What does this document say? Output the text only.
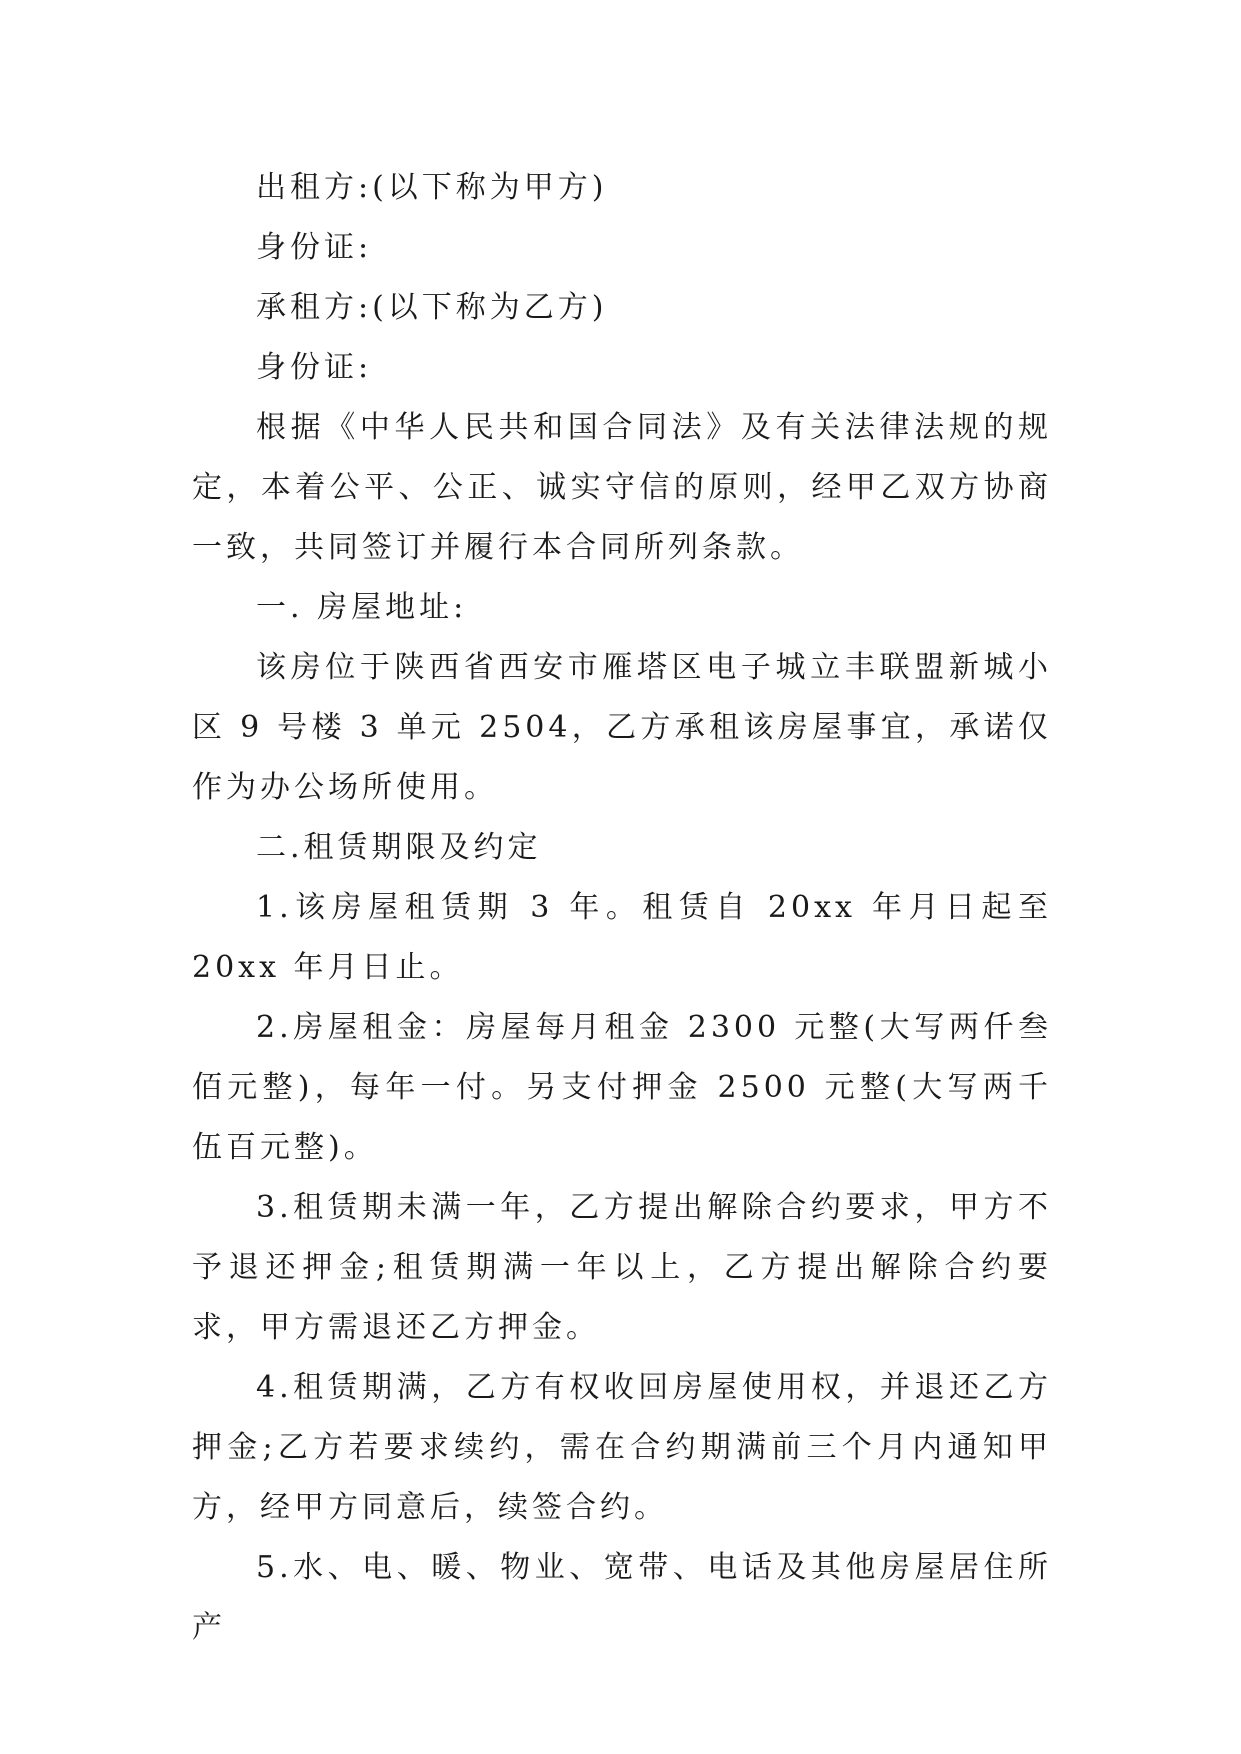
出租方:(以下称为甲方)

身份证:

承租方:(以下称为乙方)

身份证:

根据《中华人民共和国合同法》及有关法律法规的规定，本着公平、公正、诚实守信的原则，经甲乙双方协商一致，共同签订并履行本合同所列条款。

一. 房屋地址:

该房位于陕西省西安市雁塔区电子城立丰联盟新城小区 9 号楼 3 单元 2504，乙方承租该房屋事宜，承诺仅作为办公场所使用。

二.租赁期限及约定

1.该房屋租赁期 3 年。租赁自 20xx 年月日起至 20xx 年月日止。

2.房屋租金：房屋每月租金 2300 元整(大写两仟叁佰元整)，每年一付。另支付押金 2500 元整(大写两千伍百元整)。

3.租赁期未满一年，乙方提出解除合约要求，甲方不予退还押金;租赁期满一年以上，乙方提出解除合约要求，甲方需退还乙方押金。

4.租赁期满，乙方有权收回房屋使用权，并退还乙方押金;乙方若要求续约，需在合约期满前三个月内通知甲方，经甲方同意后，续签合约。

5.水、电、暖、物业、宽带、电话及其他房屋居住所产
